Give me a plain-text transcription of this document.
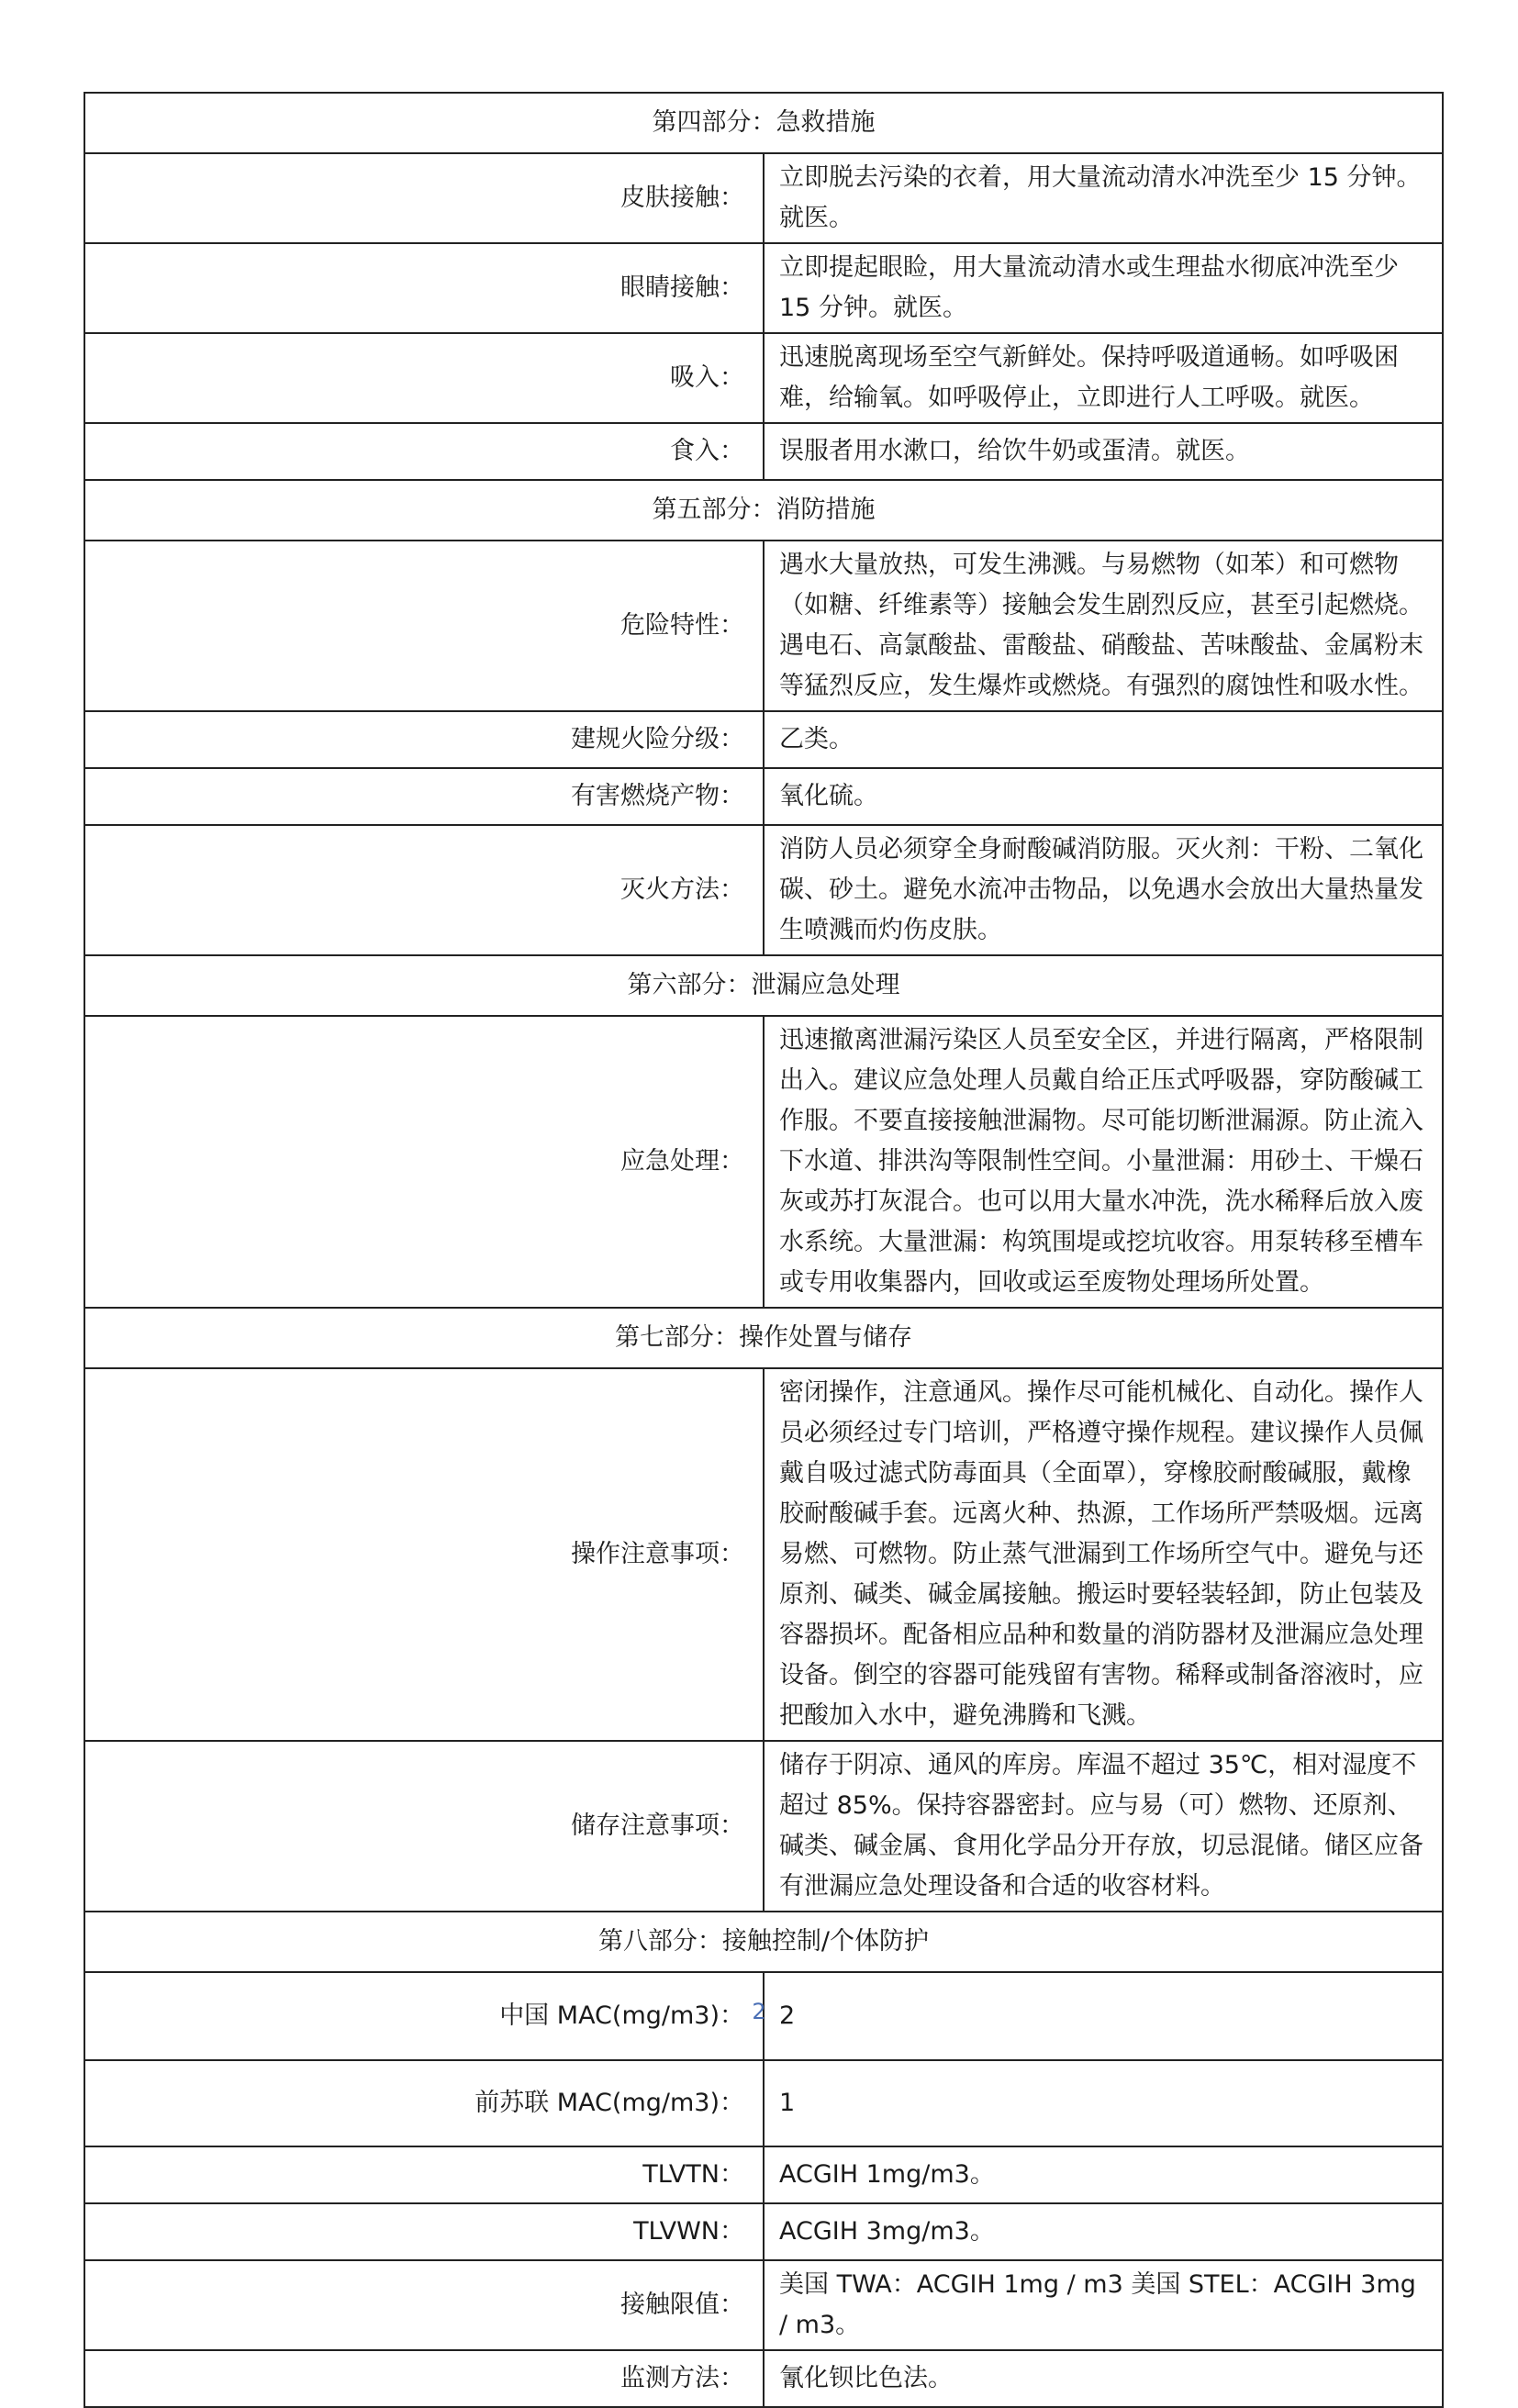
第四部分：急救措施	
皮肤接触：	立即脱去污染的衣着，用大量流动清水冲洗至少 15 分钟。就医。
眼睛接触：	立即提起眼睑，用大量流动清水或生理盐水彻底冲洗至少 15 分钟。就医。
吸入：	迅速脱离现场至空气新鲜处。保持呼吸道通畅。如呼吸困难，给输氧。如呼吸停止，立即进行人工呼吸。就医。
食入：	误服者用水漱口，给饮牛奶或蛋清。就医。
第五部分：消防措施	
危险特性：	遇水大量放热，可发生沸溅。与易燃物（如苯）和可燃物（如糖、纤维素等）接触会发生剧烈反应，甚至引起燃烧。遇电石、高氯酸盐、雷酸盐、硝酸盐、苦味酸盐、金属粉末等猛烈反应，发生爆炸或燃烧。有强烈的腐蚀性和吸水性。
建规火险分级：	乙类。
有害燃烧产物：	氧化硫。
灭火方法：	消防人员必须穿全身耐酸碱消防服。灭火剂：干粉、二氧化碳、砂土。避免水流冲击物品，以免遇水会放出大量热量发生喷溅而灼伤皮肤。
第六部分：泄漏应急处理	
应急处理：	迅速撤离泄漏污染区人员至安全区，并进行隔离，严格限制出入。建议应急处理人员戴自给正压式呼吸器，穿防酸碱工作服。不要直接接触泄漏物。尽可能切断泄漏源。防止流入下水道、排洪沟等限制性空间。小量泄漏：用砂土、干燥石灰或苏打灰混合。也可以用大量水冲洗，洗水稀释后放入废水系统。大量泄漏：构筑围堤或挖坑收容。用泵转移至槽车或专用收集器内，回收或运至废物处理场所处置。
第七部分：操作处置与储存	
操作注意事项：	密闭操作，注意通风。操作尽可能机械化、自动化。操作人员必须经过专门培训，严格遵守操作规程。建议操作人员佩戴自吸过滤式防毒面具（全面罩），穿橡胶耐酸碱服，戴橡胶耐酸碱手套。远离火种、热源，工作场所严禁吸烟。远离易燃、可燃物。防止蒸气泄漏到工作场所空气中。避免与还原剂、碱类、碱金属接触。搬运时要轻装轻卸，防止包装及容器损坏。配备相应品种和数量的消防器材及泄漏应急处理设备。倒空的容器可能残留有害物。稀释或制备溶液时，应把酸加入水中，避免沸腾和飞溅。
储存注意事项：	储存于阴凉、通风的库房。库温不超过 35℃，相对湿度不超过 85%。保持容器密封。应与易（可）燃物、还原剂、碱类、碱金属、食用化学品分开存放，切忌混储。储区应备有泄漏应急处理设备和合适的收容材料。
第八部分：接触控制/个体防护	
中国 MAC(mg/m3)：	2
前苏联 MAC(mg/m3)：	1
TLVTN：	ACGIH 1mg/m3。
TLVWN：	ACGIH 3mg/m3。
接触限值：	美国 TWA：ACGIH 1mg / m3 美国 STEL：ACGIH 3mg / m3。
监测方法：	氰化钡比色法。
2
